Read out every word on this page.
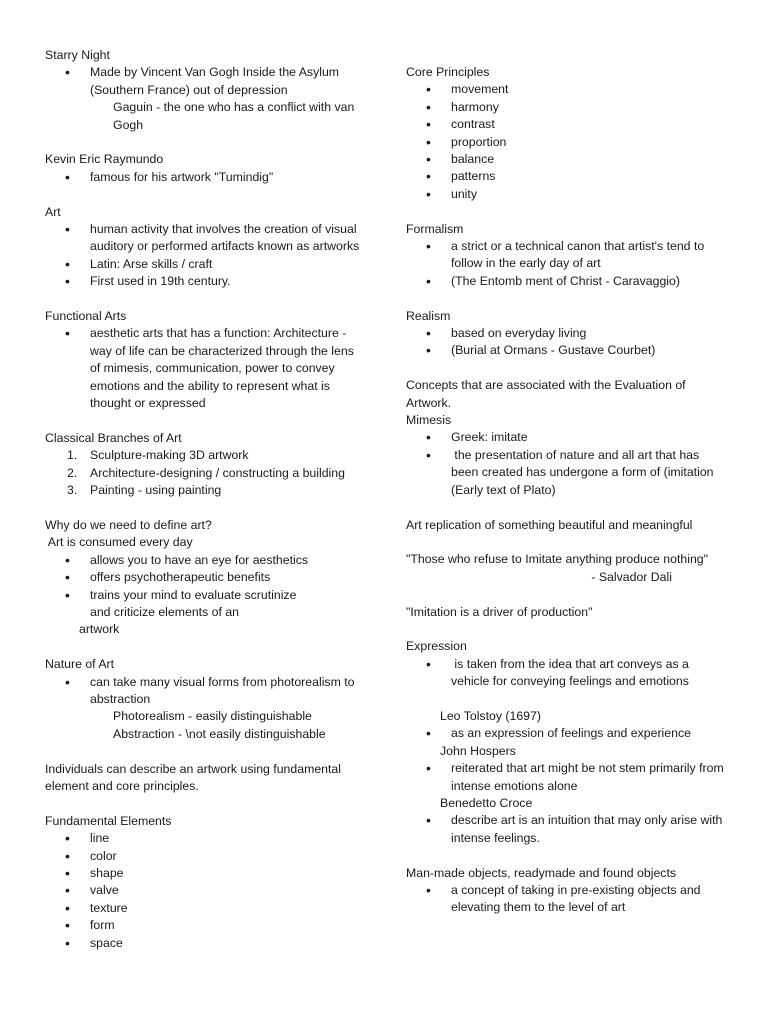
Starry Night
• Made by Vincent Van Gogh Inside the Asylum (Southern France) out of depression
Gaguin - the one who has a conflict with van Gogh
Kevin Eric Raymundo
• famous for his artwork "Tumindig"
Art
• human activity that involves the creation of visual auditory or performed artifacts known as artworks
• Latin: Arse skills / craft
• First used in 19th century.
Functional Arts
• aesthetic arts that has a function: Architecture - way of life can be characterized through the lens of mimesis, communication, power to convey emotions and the ability to represent what is thought or expressed
Classical Branches of Art
1. Sculpture-making 3D artwork
2. Architecture-designing / constructing a building
3. Painting - using painting
Why do we need to define art?
Art is consumed every day
• allows you to have an eye for aesthetics
• offers psychotherapeutic benefits
• trains your mind to evaluate scrutinize and criticize elements of an
artwork
Nature of Art
• can take many visual forms from photorealism to abstraction
Photorealism - easily distinguishable
Abstraction - \not easily distinguishable
Individuals can describe an artwork using fundamental element and core principles.
Fundamental Elements
• line
• color
• shape
• valve
• texture
• form
• space
Core Principles
• movement
• harmony
• contrast
• proportion
• balance
• patterns
• unity
Formalism
• a strict or a technical canon that artist's tend to follow in the early day of art
• (The Entomb ment of Christ - Caravaggio)
Realism
• based on everyday living
• (Burial at Ormans - Gustave Courbet)
Concepts that are associated with the Evaluation of Artwork.
Mimesis
• Greek: imitate
•  the presentation of nature and all art that has been created has undergone a form of (imitation (Early text of Plato)
Art replication of something beautiful and meaningful
"Those who refuse to Imitate anything produce nothing"
- Salvador Dali
"Imitation is a driver of production"
Expression
•  is taken from the idea that art conveys as a vehicle for conveying feelings and emotions
Leo Tolstoy (1697)
• as an expression of feelings and experience
John Hospers
• reiterated that art might be not stem primarily from intense emotions alone
Benedetto Croce
• describe art is an intuition that may only arise with intense feelings.
Man-made objects, readymade and found objects
• a concept of taking in pre-existing objects and elevating them to the level of art
